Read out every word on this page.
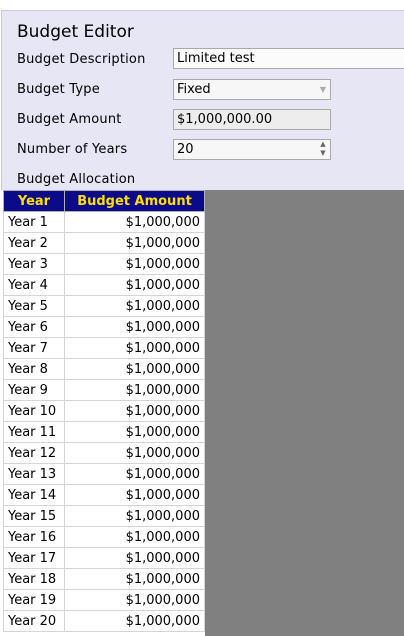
Budget Editor
Budget Description	Limited test
Budget Type	Fixed	▼
Budget Amount	$1,000,000.00
Number of Years	20	▲
▼
Budget Allocation
Year	Budget Amount
Year 1	$1,000,000
Year 2	$1,000,000
Year 3	$1,000,000
Year 4	$1,000,000
Year 5	$1,000,000
Year 6	$1,000,000
Year 7	$1,000,000
Year 8	$1,000,000
Year 9	$1,000,000
Year 10	$1,000,000
Year 11	$1,000,000
Year 12	$1,000,000
Year 13	$1,000,000
Year 14	$1,000,000
Year 15	$1,000,000
Year 16	$1,000,000
Year 17	$1,000,000
Year 18	$1,000,000
Year 19	$1,000,000
Year 20	$1,000,000
